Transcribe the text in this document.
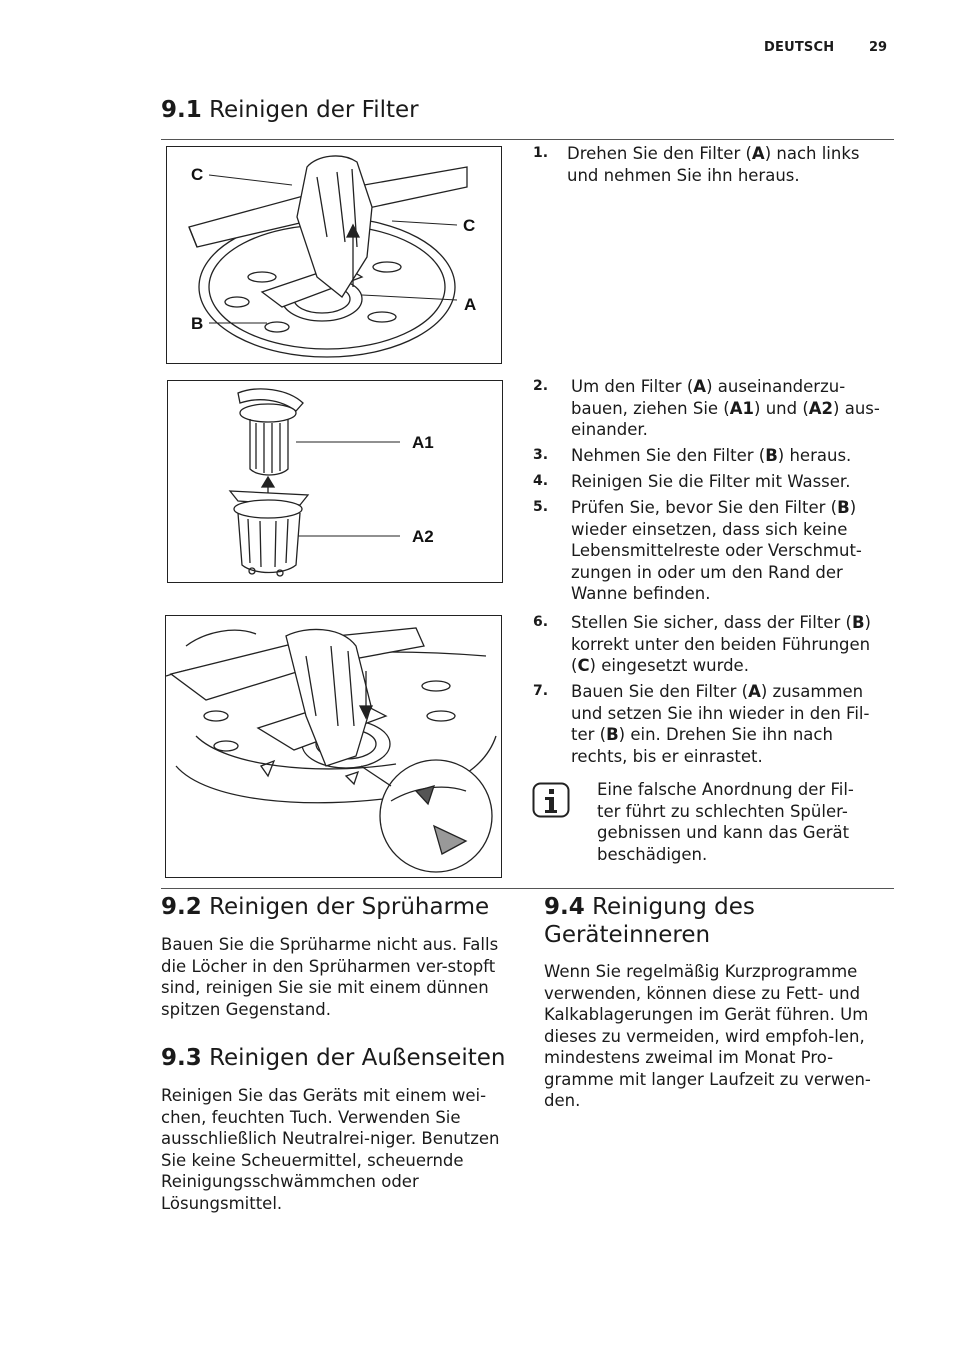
DEUTSCH	29
9.1 Reinigen der Filter
C
C
A
B
A1
A2
1. Drehen Sie den Filter (A) nach links und nehmen Sie ihn heraus.
2. Um den Filter (A) auseinanderzu-bauen, ziehen Sie (A1) und (A2) aus-einander.
3. Nehmen Sie den Filter (B) heraus.
4. Reinigen Sie die Filter mit Wasser.
5. Prüfen Sie, bevor Sie den Filter (B) wieder einsetzen, dass sich keine Lebensmittelreste oder Verschmut-zungen in oder um den Rand der Wanne befinden.
6. Stellen Sie sicher, dass der Filter (B) korrekt unter den beiden Führungen (C) eingesetzt wurde.
7. Bauen Sie den Filter (A) zusammen und setzen Sie ihn wieder in den Fil-ter (B) ein. Drehen Sie ihn nach rechts, bis er einrastet.
Eine falsche Anordnung der Fil-ter führt zu schlechten Spüler-gebnissen und kann das Gerät beschädigen.
9.2 Reinigen der Sprüharme
Bauen Sie die Sprüharme nicht aus. Falls die Löcher in den Sprüharmen ver-stopft sind, reinigen Sie sie mit einem dünnen spitzen Gegenstand.
9.3 Reinigen der Außenseiten
Reinigen Sie das Geräts mit einem wei-chen, feuchten Tuch. Verwenden Sie ausschließlich Neutralrei-niger. Benutzen Sie keine Scheuermittel, scheuernde Reinigungsschwämmchen oder Lösungsmittel.
9.4 Reinigung des Geräteinneren
Wenn Sie regelmäßig Kurzprogramme verwenden, können diese zu Fett- und Kalkablagerungen im Gerät führen. Um dieses zu vermeiden, wird empfoh-len, mindestens zweimal im Monat Pro-gramme mit langer Laufzeit zu verwen-den.
